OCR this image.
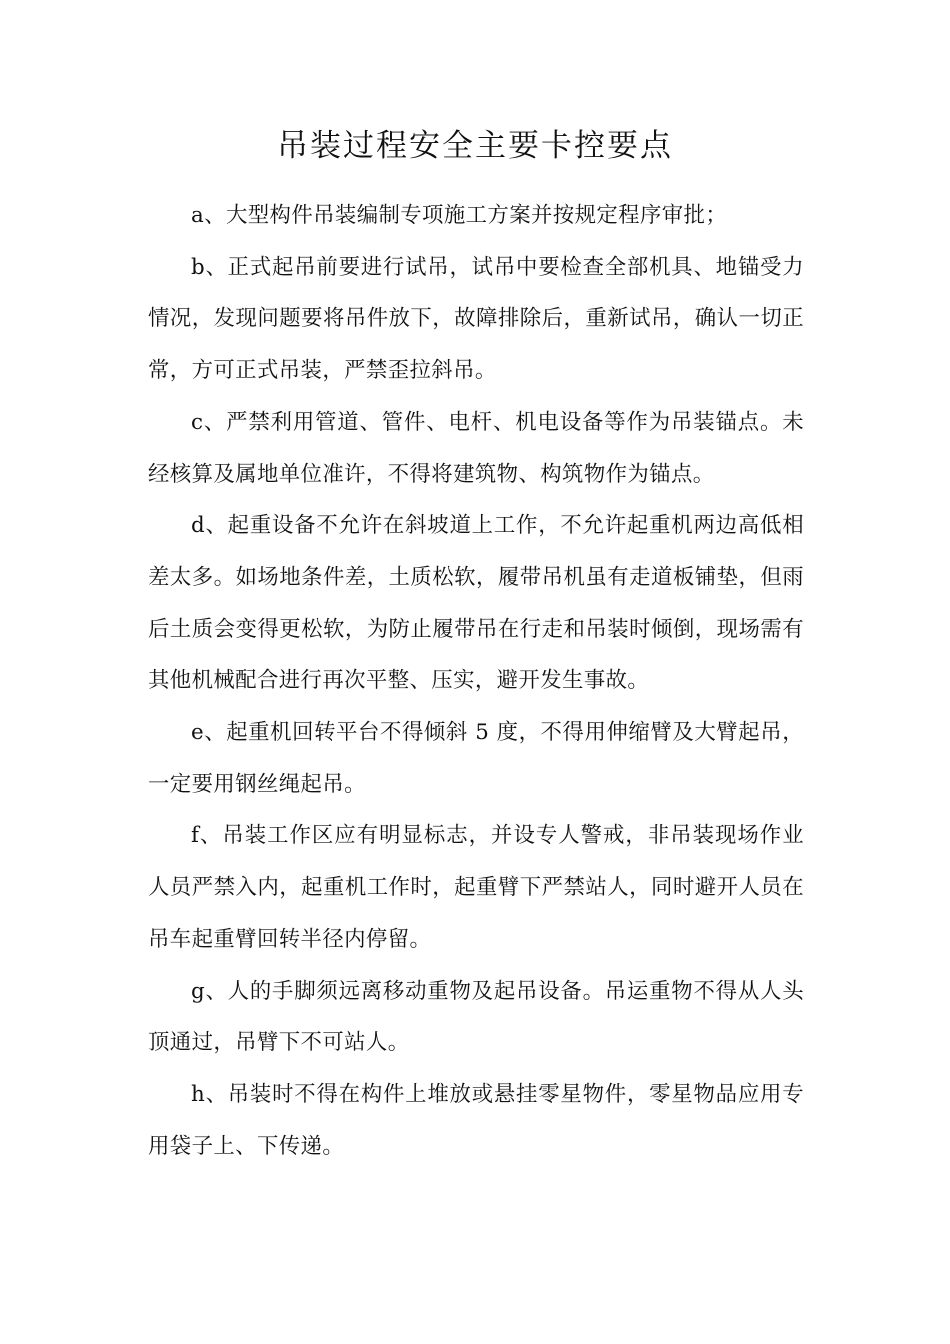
吊装过程安全主要卡控要点

a、大型构件吊装编制专项施工方案并按规定程序审批；

b、正式起吊前要进行试吊，试吊中要检查全部机具、地锚受力情况，发现问题要将吊件放下，故障排除后，重新试吊，确认一切正常，方可正式吊装，严禁歪拉斜吊。

c、严禁利用管道、管件、电杆、机电设备等作为吊装锚点。未经核算及属地单位准许，不得将建筑物、构筑物作为锚点。

d、起重设备不允许在斜坡道上工作，不允许起重机两边高低相差太多。如场地条件差，土质松软，履带吊机虽有走道板铺垫，但雨后土质会变得更松软，为防止履带吊在行走和吊装时倾倒，现场需有其他机械配合进行再次平整、压实，避开发生事故。

e、起重机回转平台不得倾斜 5 度，不得用伸缩臂及大臂起吊，一定要用钢丝绳起吊。

f、吊装工作区应有明显标志，并设专人警戒，非吊装现场作业人员严禁入内，起重机工作时，起重臂下严禁站人，同时避开人员在吊车起重臂回转半径内停留。

g、人的手脚须远离移动重物及起吊设备。吊运重物不得从人头顶通过，吊臂下不可站人。

h、吊装时不得在构件上堆放或悬挂零星物件，零星物品应用专用袋子上、下传递。
